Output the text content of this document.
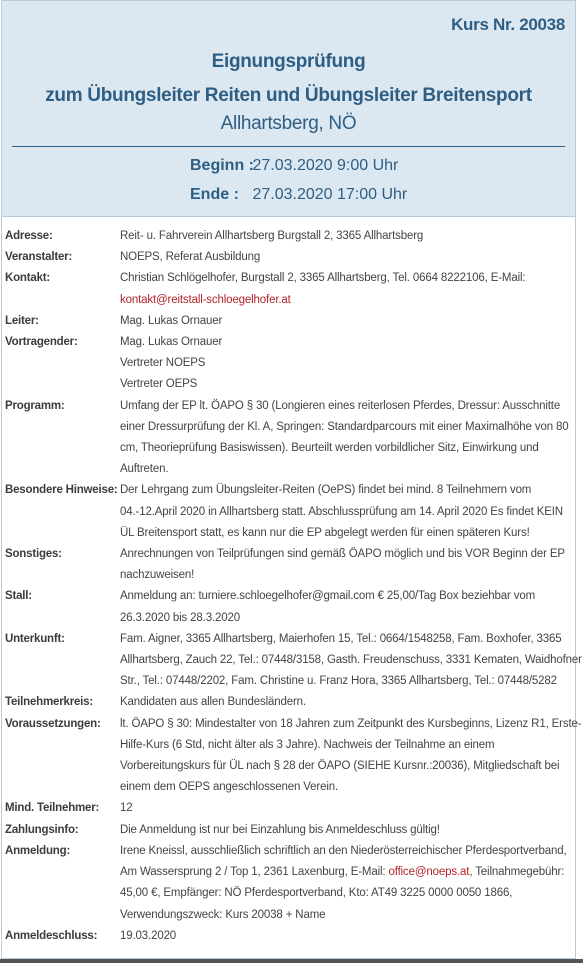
Kurs Nr. 20038
Eignungsprüfung
zum Übungsleiter Reiten und Übungsleiter Breitensport
Allhartsberg, NÖ
Beginn : 27.03.2020 9:00 Uhr
Ende : 27.03.2020 17:00 Uhr
Adresse:	Reit- u. Fahrverein Allhartsberg Burgstall 2, 3365 Allhartsberg
Veranstalter:	NOEPS, Referat Ausbildung
Kontakt:	Christian Schlögelhofer, Burgstall 2, 3365 Allhartsberg, Tel. 0664 8222106, E-Mail:
kontakt@reitstall-schloegelhofer.at
Leiter:	Mag. Lukas Ornauer
Vortragender:	Mag. Lukas Ornauer
Vertreter NOEPS
Vertreter OEPS
Programm:	Umfang der EP lt. ÖAPO § 30 (Longieren eines reiterlosen Pferdes, Dressur: Ausschnitte
einer Dressurprüfung der Kl. A, Springen: Standardparcours mit einer Maximalhöhe von 80
cm, Theorieprüfung Basiswissen). Beurteilt werden vorbildlicher Sitz, Einwirkung und
Auftreten.
Besondere Hinweise: Der Lehrgang zum Übungsleiter-Reiten (OePS) findet bei mind. 8 Teilnehmern vom
04.-12.April 2020 in Allhartsberg statt. Abschlussprüfung am 14. April 2020 Es findet KEIN
ÜL Breitensport statt, es kann nur die EP abgelegt werden für einen späteren Kurs!
Sonstiges:	Anrechnungen von Teilprüfungen sind gemäß ÖAPO möglich und bis VOR Beginn der EP
nachzuweisen!
Stall:	Anmeldung an: turniere.schloegelhofer@gmail.com € 25,00/Tag Box beziehbar vom
26.3.2020 bis 28.3.2020
Unterkunft:	Fam. Aigner, 3365 Allhartsberg, Maierhofen 15, Tel.: 0664/1548258, Fam. Boxhofer, 3365
Allhartsberg, Zauch 22, Tel.: 07448/3158, Gasth. Freudenschuss, 3331 Kematen, Waidhofner
Str., Tel.: 07448/2202, Fam. Christine u. Franz Hora, 3365 Allhartsberg, Tel.: 07448/5282
Teilnehmerkreis:	Kandidaten aus allen Bundesländern.
Voraussetzungen:	lt. ÖAPO § 30: Mindestalter von 18 Jahren zum Zeitpunkt des Kursbeginns, Lizenz R1, Erste-
Hilfe-Kurs (6 Std, nicht älter als 3 Jahre). Nachweis der Teilnahme an einem
Vorbereitungskurs für ÜL nach § 28 der ÖAPO (SIEHE Kursnr.:20036), Mitgliedschaft bei
einem dem OEPS angeschlossenen Verein.
Mind. Teilnehmer:	12
Zahlungsinfo:	Die Anmeldung ist nur bei Einzahlung bis Anmeldeschluss gültig!
Anmeldung:	Irene Kneissl, ausschließlich schriftlich an den Niederösterreichischer Pferdesportverband,
Am Wassersprung 2 / Top 1, 2361 Laxenburg, E-Mail: office@noeps.at, Teilnahmegebühr:
45,00 €, Empfänger: NÖ Pferdesportverband, Kto: AT49 3225 0000 0050 1866,
Verwendungszweck: Kurs 20038 + Name
Anmeldeschluss:	19.03.2020
